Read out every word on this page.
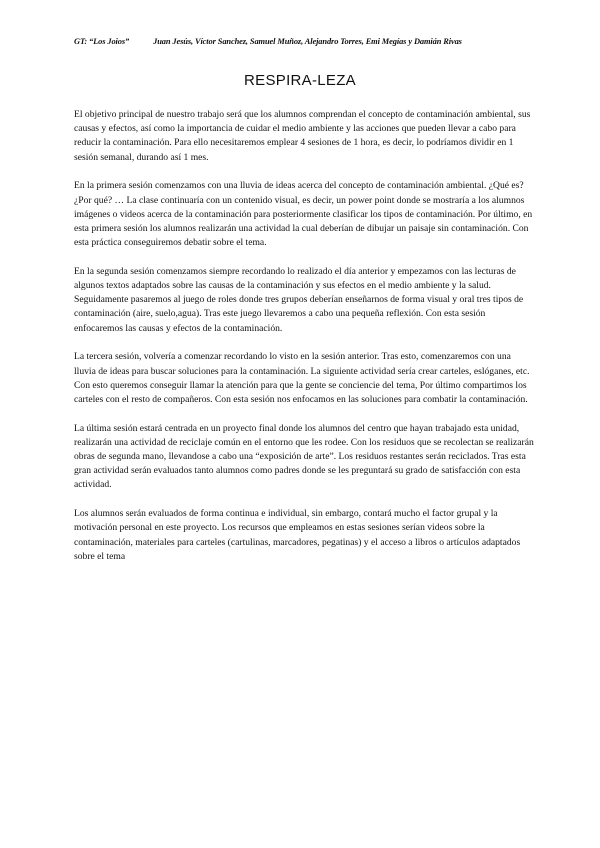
GT: “Los Joios”	Juan Jesús, Víctor Sanchez, Samuel Muñoz, Alejandro Torres, Emi Megías y Damián Rivas
RESPIRA-LEZA

El objetivo principal de nuestro trabajo será que los alumnos comprendan el concepto de contaminación ambiental, sus causas y efectos, así como la importancia de cuidar el medio ambiente y las acciones que pueden llevar a cabo para reducir la contaminación. Para ello necesitaremos emplear 4 sesiones de 1 hora, es decir, lo podríamos dividir en 1 sesión semanal, durando así 1 mes.

En la primera sesión comenzamos con una lluvia de ideas acerca del concepto de contaminación ambiental. ¿Qué es? ¿Por qué? … La clase continuaría con un contenido visual, es decir, un power point donde se mostraría a los alumnos imágenes o videos acerca de la contaminación para posteriormente clasificar los tipos de contaminación. Por último, en esta primera sesión los alumnos realizarán una actividad la cual deberían de dibujar un paisaje sin contaminación. Con esta práctica conseguiremos debatir sobre el tema.

En la segunda sesión comenzamos siempre recordando lo realizado el día anterior y empezamos con las lecturas de algunos textos adaptados sobre las causas de la contaminación y sus efectos en el medio ambiente y la salud. Seguidamente pasaremos al juego de roles donde tres grupos deberían enseñarnos de forma visual y oral tres tipos de contaminación (aire, suelo,agua). Tras este juego llevaremos a cabo una pequeña reflexión. Con esta sesión enfocaremos las causas y efectos de la contaminación.

La tercera sesión, volvería a comenzar recordando lo visto en la sesión anterior. Tras esto, comenzaremos con una lluvia de ideas para buscar soluciones para la contaminación. La siguiente actividad sería crear carteles, eslóganes, etc. Con esto queremos conseguir llamar la atención para que la gente se conciencie del tema, Por último compartimos los carteles con el resto de compañeros. Con esta sesión nos enfocamos en las soluciones para combatir la contaminación.

La última sesión estará centrada en un proyecto final donde los alumnos del centro que hayan trabajado esta unidad, realizarán una actividad de reciclaje común en el entorno que les rodee. Con los residuos que se recolectan se realizarán obras de segunda mano, llevandose a cabo una “exposición de arte”. Los residuos restantes serán reciclados. Tras esta gran actividad serán evaluados tanto alumnos como padres donde se les preguntará su grado de satisfacción con esta actividad.

Los alumnos serán evaluados de forma continua e individual, sin embargo, contará mucho el factor grupal y la motivación personal en este proyecto. Los recursos que empleamos en estas sesiones serían videos sobre la contaminación, materiales para carteles (cartulinas, marcadores, pegatinas) y el acceso a libros o artículos adaptados sobre el tema
